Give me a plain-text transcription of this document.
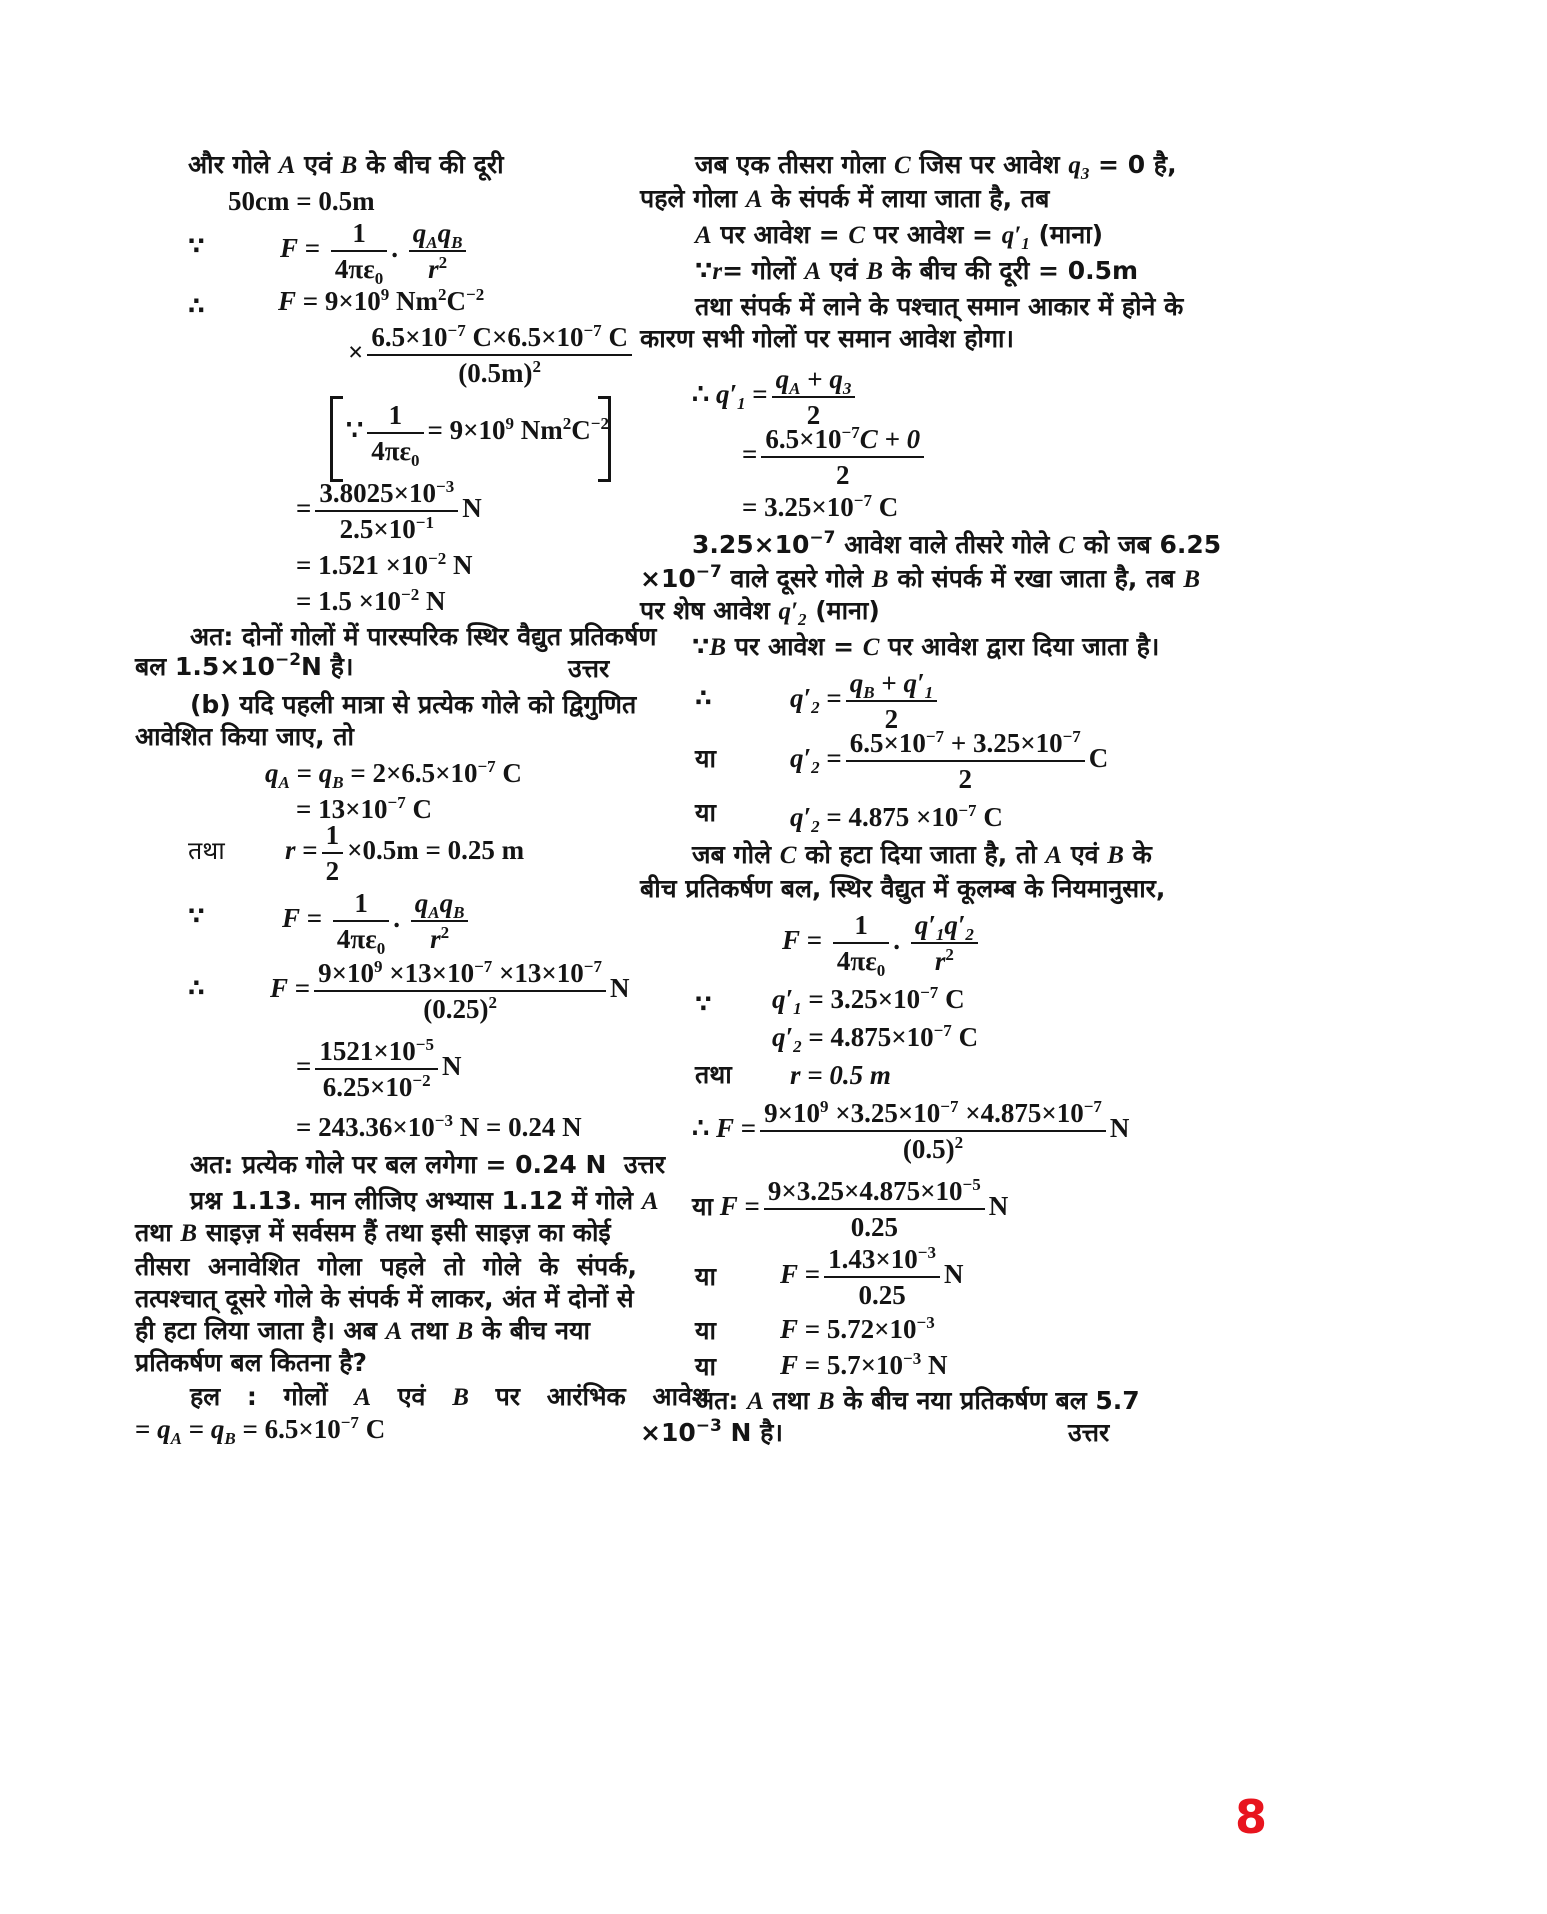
और गोले A एवं B के बीच की दूरी
50cm = 0.5m
∵	$F = \frac{1}{4\pi\varepsilon_0}$ . $\frac{q_Aq_B}{r^2}$
∴	$F = 9\times 10^9$ $Nm^2C^{-2}$
× $\frac{6.5\times 10^{-7} C\times 6.5\times 10^{-7} C}{(0.5m)^2}$
∵ $\frac{1}{4\pi\varepsilon_0} = 9\times 10^9$ $Nm^2C^{-2}$
= $\frac{3.8025\times 10^{-3}}{2.5\times 10^{-1}}$ N
= $1.521 \times 10^{-2}$ N
= $1.5 \times 10^{-2}$ N
अत: दोनों गोलों में पारस्परिक स्थिर वैद्युत प्रतिकर्षण
बल $1.5\times 10^{-2}N$ है।	उत्तर
(b) यदि पहली मात्रा से प्रत्येक गोले को द्विगुणित
आवेशित किया जाए, तो
$q_A = q_B = 2\times 6.5\times 10^{-7}$ C
= $13\times 10^{-7}$ C
तथा $r = \frac{1}{2} \times 0.5m = 0.25$ m
∵	$F = \frac{1}{4\pi\varepsilon_0}$ . $\frac{q_Aq_B}{r^2}$
∴ $F = \frac{9\times 10^9 \times 13\times 10^{-7} \times 13\times 10^{-7}}{(0.25)^2}$ N
= $\frac{1521\times 10^{-5}}{6.25\times 10^{-2}}$ N
= $243.36\times 10^{-3}$ N = 0.24 N
अत: प्रत्येक गोले पर बल लगेगा = 0.24 N उत्तर
प्रश्न 1.13. मान लीजिए अभ्यास 1.12 में गोले A
तथा B साइज़ में सर्वसम हैं तथा इसी साइज़ का कोई
तीसरा अनावेशित गोला पहले तो गोले के संपर्क,
तत्पश्चात् दूसरे गोले के संपर्क में लाकर, अंत में दोनों से
ही हटा लिया जाता है। अब A तथा B के बीच नया
प्रतिकर्षण बल कितना है?
हल : गोलों A एवं B पर आरंभिक आवेश
= $q_A = q_B = 6.5\times 10^{-7}$ C
जब एक तीसरा गोला C जिस पर आवेश $q_3 = 0$ है,
पहले गोला A के संपर्क में लाया जाता है, तब
A पर आवेश = C पर आवेश = $q'_1$ (माना)
∵r= गोलों A एवं B के बीच की दूरी = 0.5m
तथा संपर्क में लाने के पश्चात् समान आकार में होने के
कारण सभी गोलों पर समान आवेश होगा।
∴ $q'_1 = \frac{q_A + q_3}{2}$
= $\frac{6.5\times 10^{-7}C + 0}{2}$
= $3.25\times 10^{-7}$ C
$3.25\times 10^{-7}$ आवेश वाले तीसरे गोले C को जब 6.25
$\times 10^{-7}$ वाले दूसरे गोले B को संपर्क में रखा जाता है, तब B
पर शेष आवेश $q'_2$ (माना)
∵B पर आवेश = C पर आवेश द्वारा दिया जाता है।
∴	$q'_2 = \frac{q_B + q'_1}{2}$
या	$q'_2 = \frac{6.5\times 10^{-7} + 3.25\times 10^{-7}}{2}$ C
या	$q'_2 = 4.875 \times 10^{-7}$ C
जब गोले C को हटा दिया जाता है, तो A एवं B के
बीच प्रतिकर्षण बल, स्थिर वैद्युत में कूलम्ब के नियमानुसार,
$F = \frac{1}{4\pi\varepsilon_0}$ . $\frac{q'_1q'_2}{r^2}$
∵ $q'_1 = 3.25\times 10^{-7}$ C
$q'_2 = 4.875\times 10^{-7}$ C
तथा r = 0.5 m
∴ $F = \frac{9\times 10^9 \times 3.25\times 10^{-7} \times 4.875\times 10^{-7}}{(0.5)^2}$ N
या $F = \frac{9\times 3.25\times 4.875\times 10^{-5}}{0.25}$ N
या $F = \frac{1.43\times 10^{-3}}{0.25}$ N
या $F = 5.72\times 10^{-3}$
या $F = 5.7\times 10^{-3}$ N
अत: A तथा B के बीच नया प्रतिकर्षण बल 5.7
$\times 10^{-3}$ N है।	उत्तर
8
